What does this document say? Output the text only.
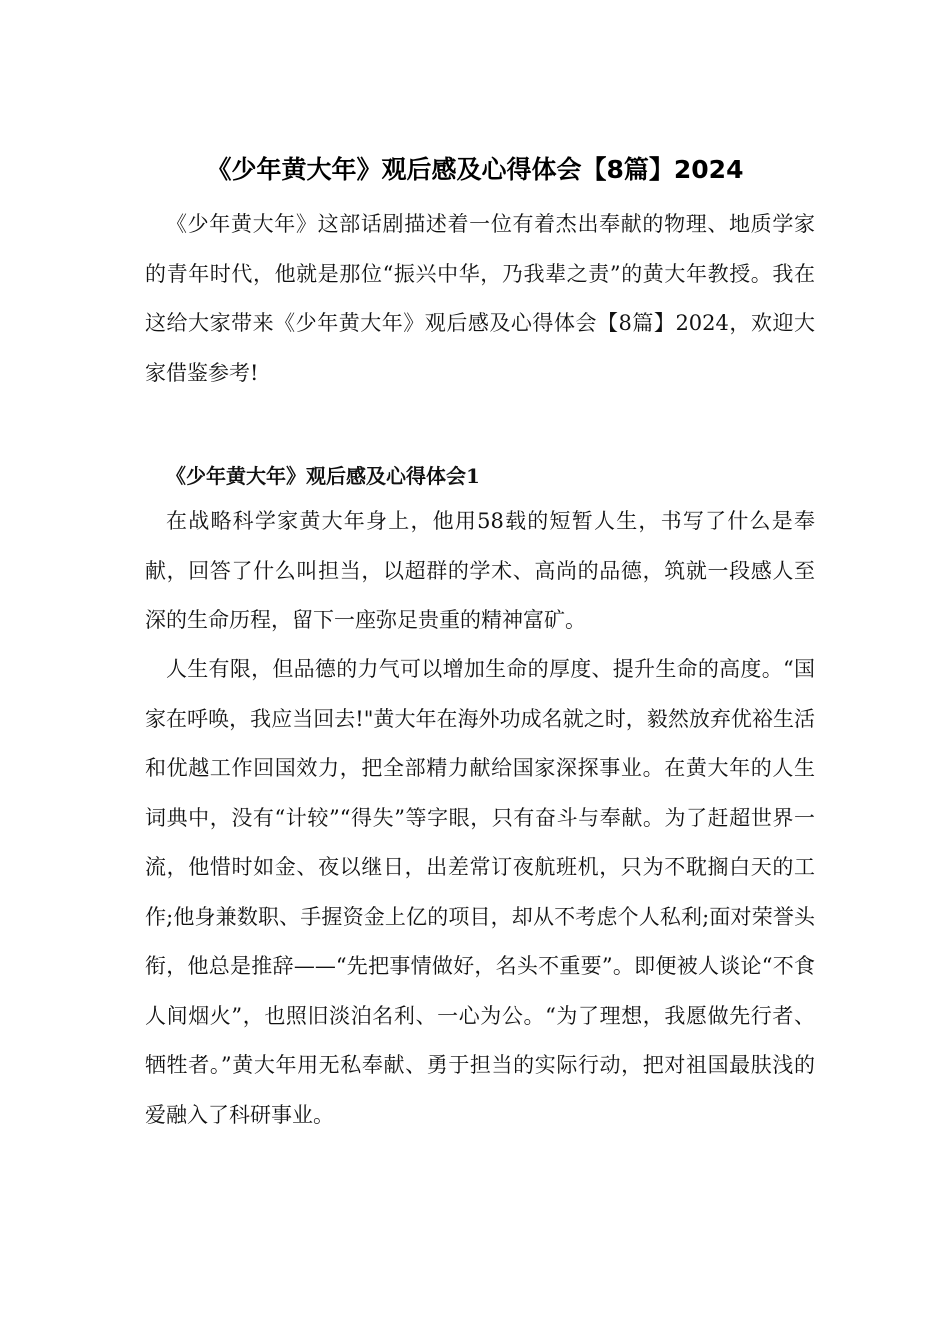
《少年黄大年》观后感及心得体会【8篇】2024

《少年黄大年》这部话剧描述着一位有着杰出奉献的物理、地质学家的青年时代，他就是那位“振兴中华，乃我辈之责”的黄大年教授。我在这给大家带来《少年黄大年》观后感及心得体会【8篇】2024，欢迎大家借鉴参考!

《少年黄大年》观后感及心得体会1

在战略科学家黄大年身上，他用58载的短暂人生，书写了什么是奉献，回答了什么叫担当，以超群的学术、高尚的品德，筑就一段感人至深的生命历程，留下一座弥足贵重的精神富矿。

人生有限，但品德的力气可以增加生命的厚度、提升生命的高度。“国家在呼唤，我应当回去!"黄大年在海外功成名就之时，毅然放弃优裕生活和优越工作回国效力，把全部精力献给国家深探事业。在黄大年的人生词典中，没有“计较”“得失”等字眼，只有奋斗与奉献。为了赶超世界一流，他惜时如金、夜以继日，出差常订夜航班机，只为不耽搁白天的工作;他身兼数职、手握资金上亿的项目，却从不考虑个人私利;面对荣誉头衔，他总是推辞——“先把事情做好，名头不重要”。即便被人谈论“不食人间烟火”，也照旧淡泊名利、一心为公。“为了理想，我愿做先行者、牺牲者。”黄大年用无私奉献、勇于担当的实际行动，把对祖国最肤浅的爱融入了科研事业。
